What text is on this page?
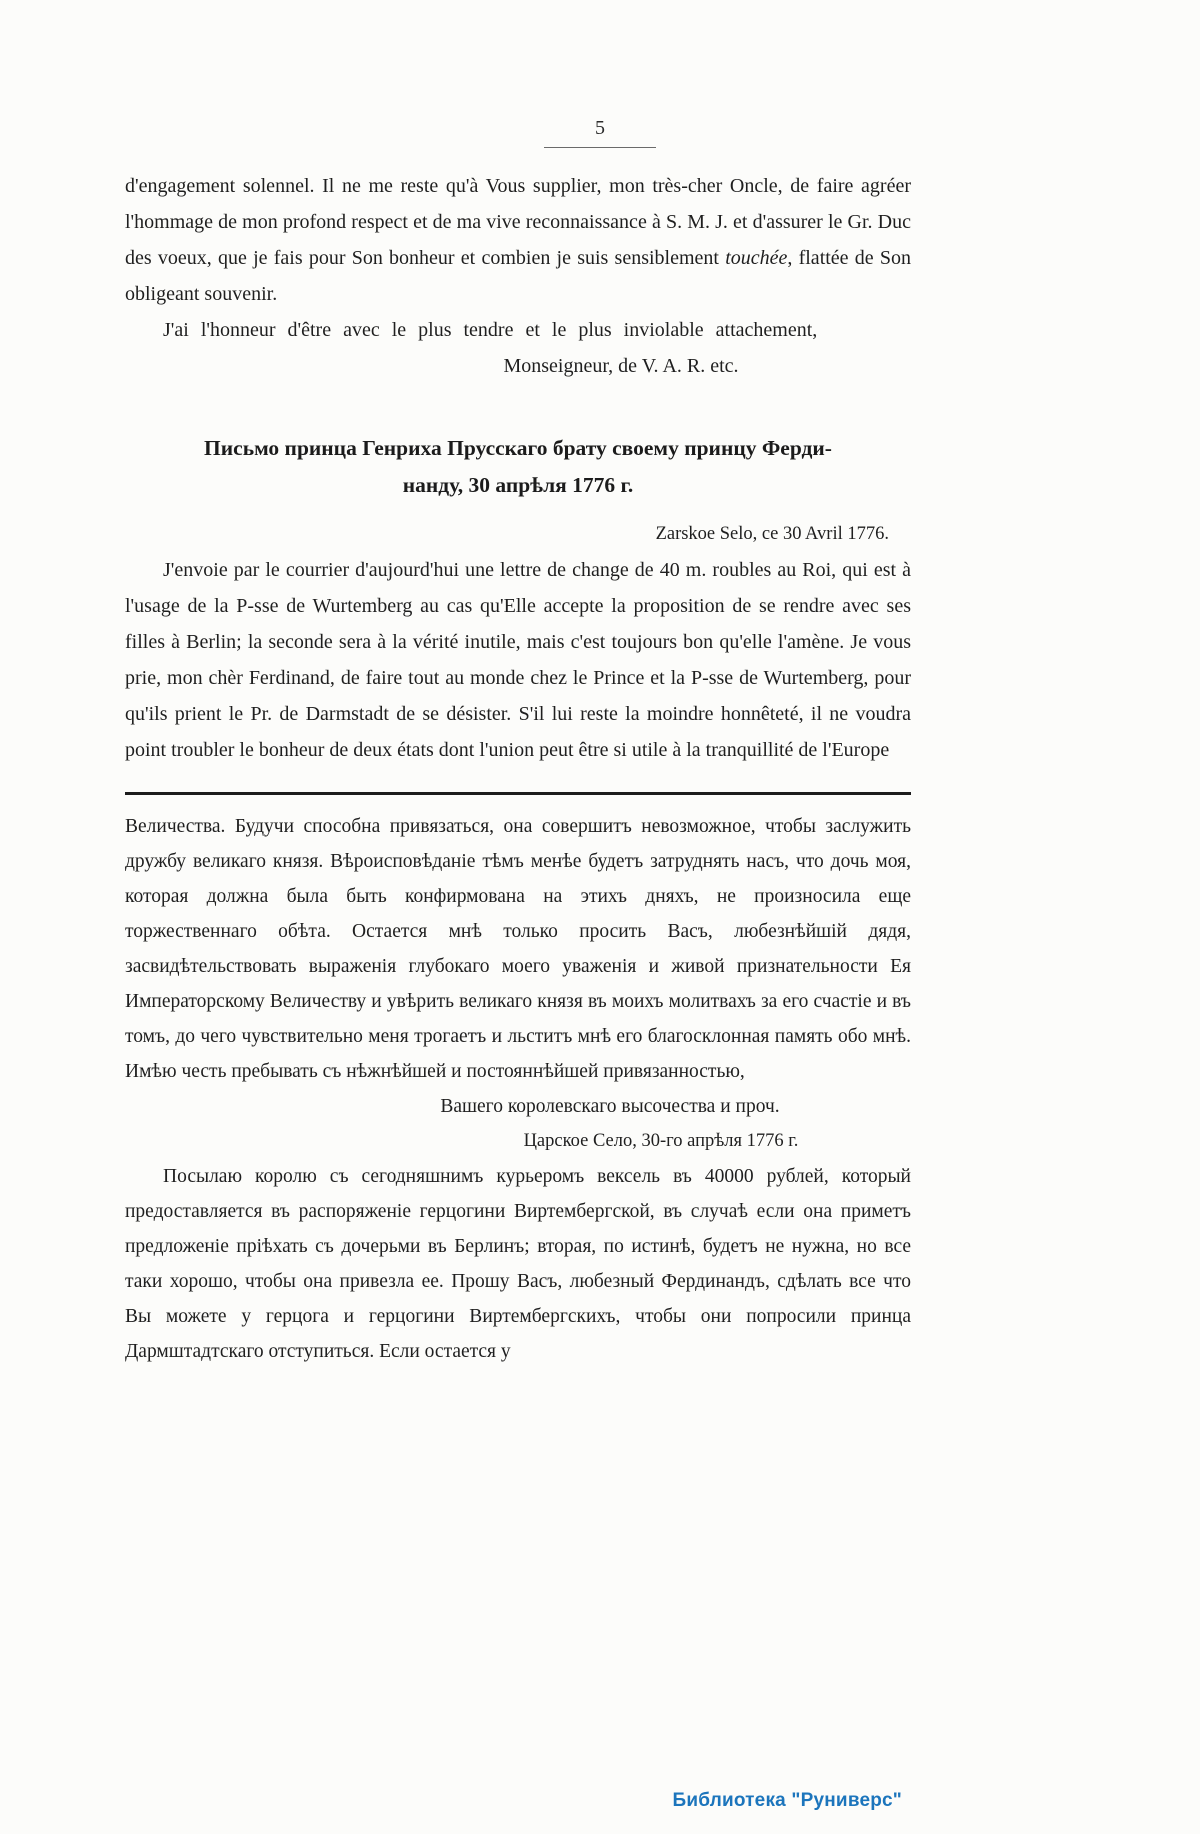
5

d'engagement solennel. Il ne me reste qu'à Vous supplier, mon très-cher Oncle, de faire agréer l'hommage de mon profond respect et de ma vive reconnaissance à S. M. J. et d'assurer le Gr. Duc des voeux, que je fais pour Son bonheur et combien je suis sensiblement touchée, flattée de Son obligeant souvenir.

J'ai l'honneur d'être avec le plus tendre et le plus inviolable attachement,

Monseigneur, de V. A. R. etc.

Письмо принца Генриха Прусскаго брату своему принцу Ферди-
нанду, 30 апрѣля 1776 г.

Zarskoe Selo, ce 30 Avril 1776.

J'envoie par le courrier d'aujourd'hui une lettre de change de 40 m. roubles au Roi, qui est à l'usage de la P-sse de Wurtemberg au cas qu'Elle accepte la proposition de se rendre avec ses filles à Berlin; la seconde sera à la vérité inutile, mais c'est toujours bon qu'elle l'amène. Je vous prie, mon chèr Ferdinand, de faire tout au monde chez le Prince et la P-sse de Wurtemberg, pour qu'ils prient le Pr. de Darmstadt de se désister. S'il lui reste la moindre honnêteté, il ne voudra point troubler le bonheur de deux états dont l'union peut être si utile à la tranquillité de l'Europe

Величества. Будучи способна привязаться, она совершитъ невозможное, чтобы заслужить дружбу великаго князя. Вѣроисповѣданіе тѣмъ менѣе будетъ затруднять насъ, что дочь моя, которая должна была быть конфирмована на этихъ дняхъ, не произносила еще торжественнаго обѣта. Остается мнѣ только просить Васъ, любезнѣйшій дядя, засвидѣтельствовать выраженія глубокаго моего уваженія и живой признательности Ея Императорскому Величеству и увѣрить великаго князя въ моихъ молитвахъ за его счастіе и въ томъ, до чего чувствительно меня трогаетъ и льститъ мнѣ его благосклонная память обо мнѣ. Имѣю честь пребывать съ нѣжнѣйшей и постояннѣйшей привязанностью,

Вашего королевскаго высочества и проч.

Царское Село, 30-го апрѣля 1776 г.

Посылаю королю съ сегодняшнимъ курьеромъ вексель въ 40000 рублей, который предоставляется въ распоряженіе герцогини Виртембергской, въ случаѣ если она приметъ предложеніе пріѣхать съ дочерьми въ Берлинъ; вторая, по истинѣ, будетъ не нужна, но все таки хорошо, чтобы она привезла ее. Прошу Васъ, любезный Фердинандъ, сдѣлать все что Вы можете у герцога и герцогини Виртембергскихъ, чтобы они попросили принца Дармштадтскаго отступиться. Если остается у

Библиотека "Руниверс"
